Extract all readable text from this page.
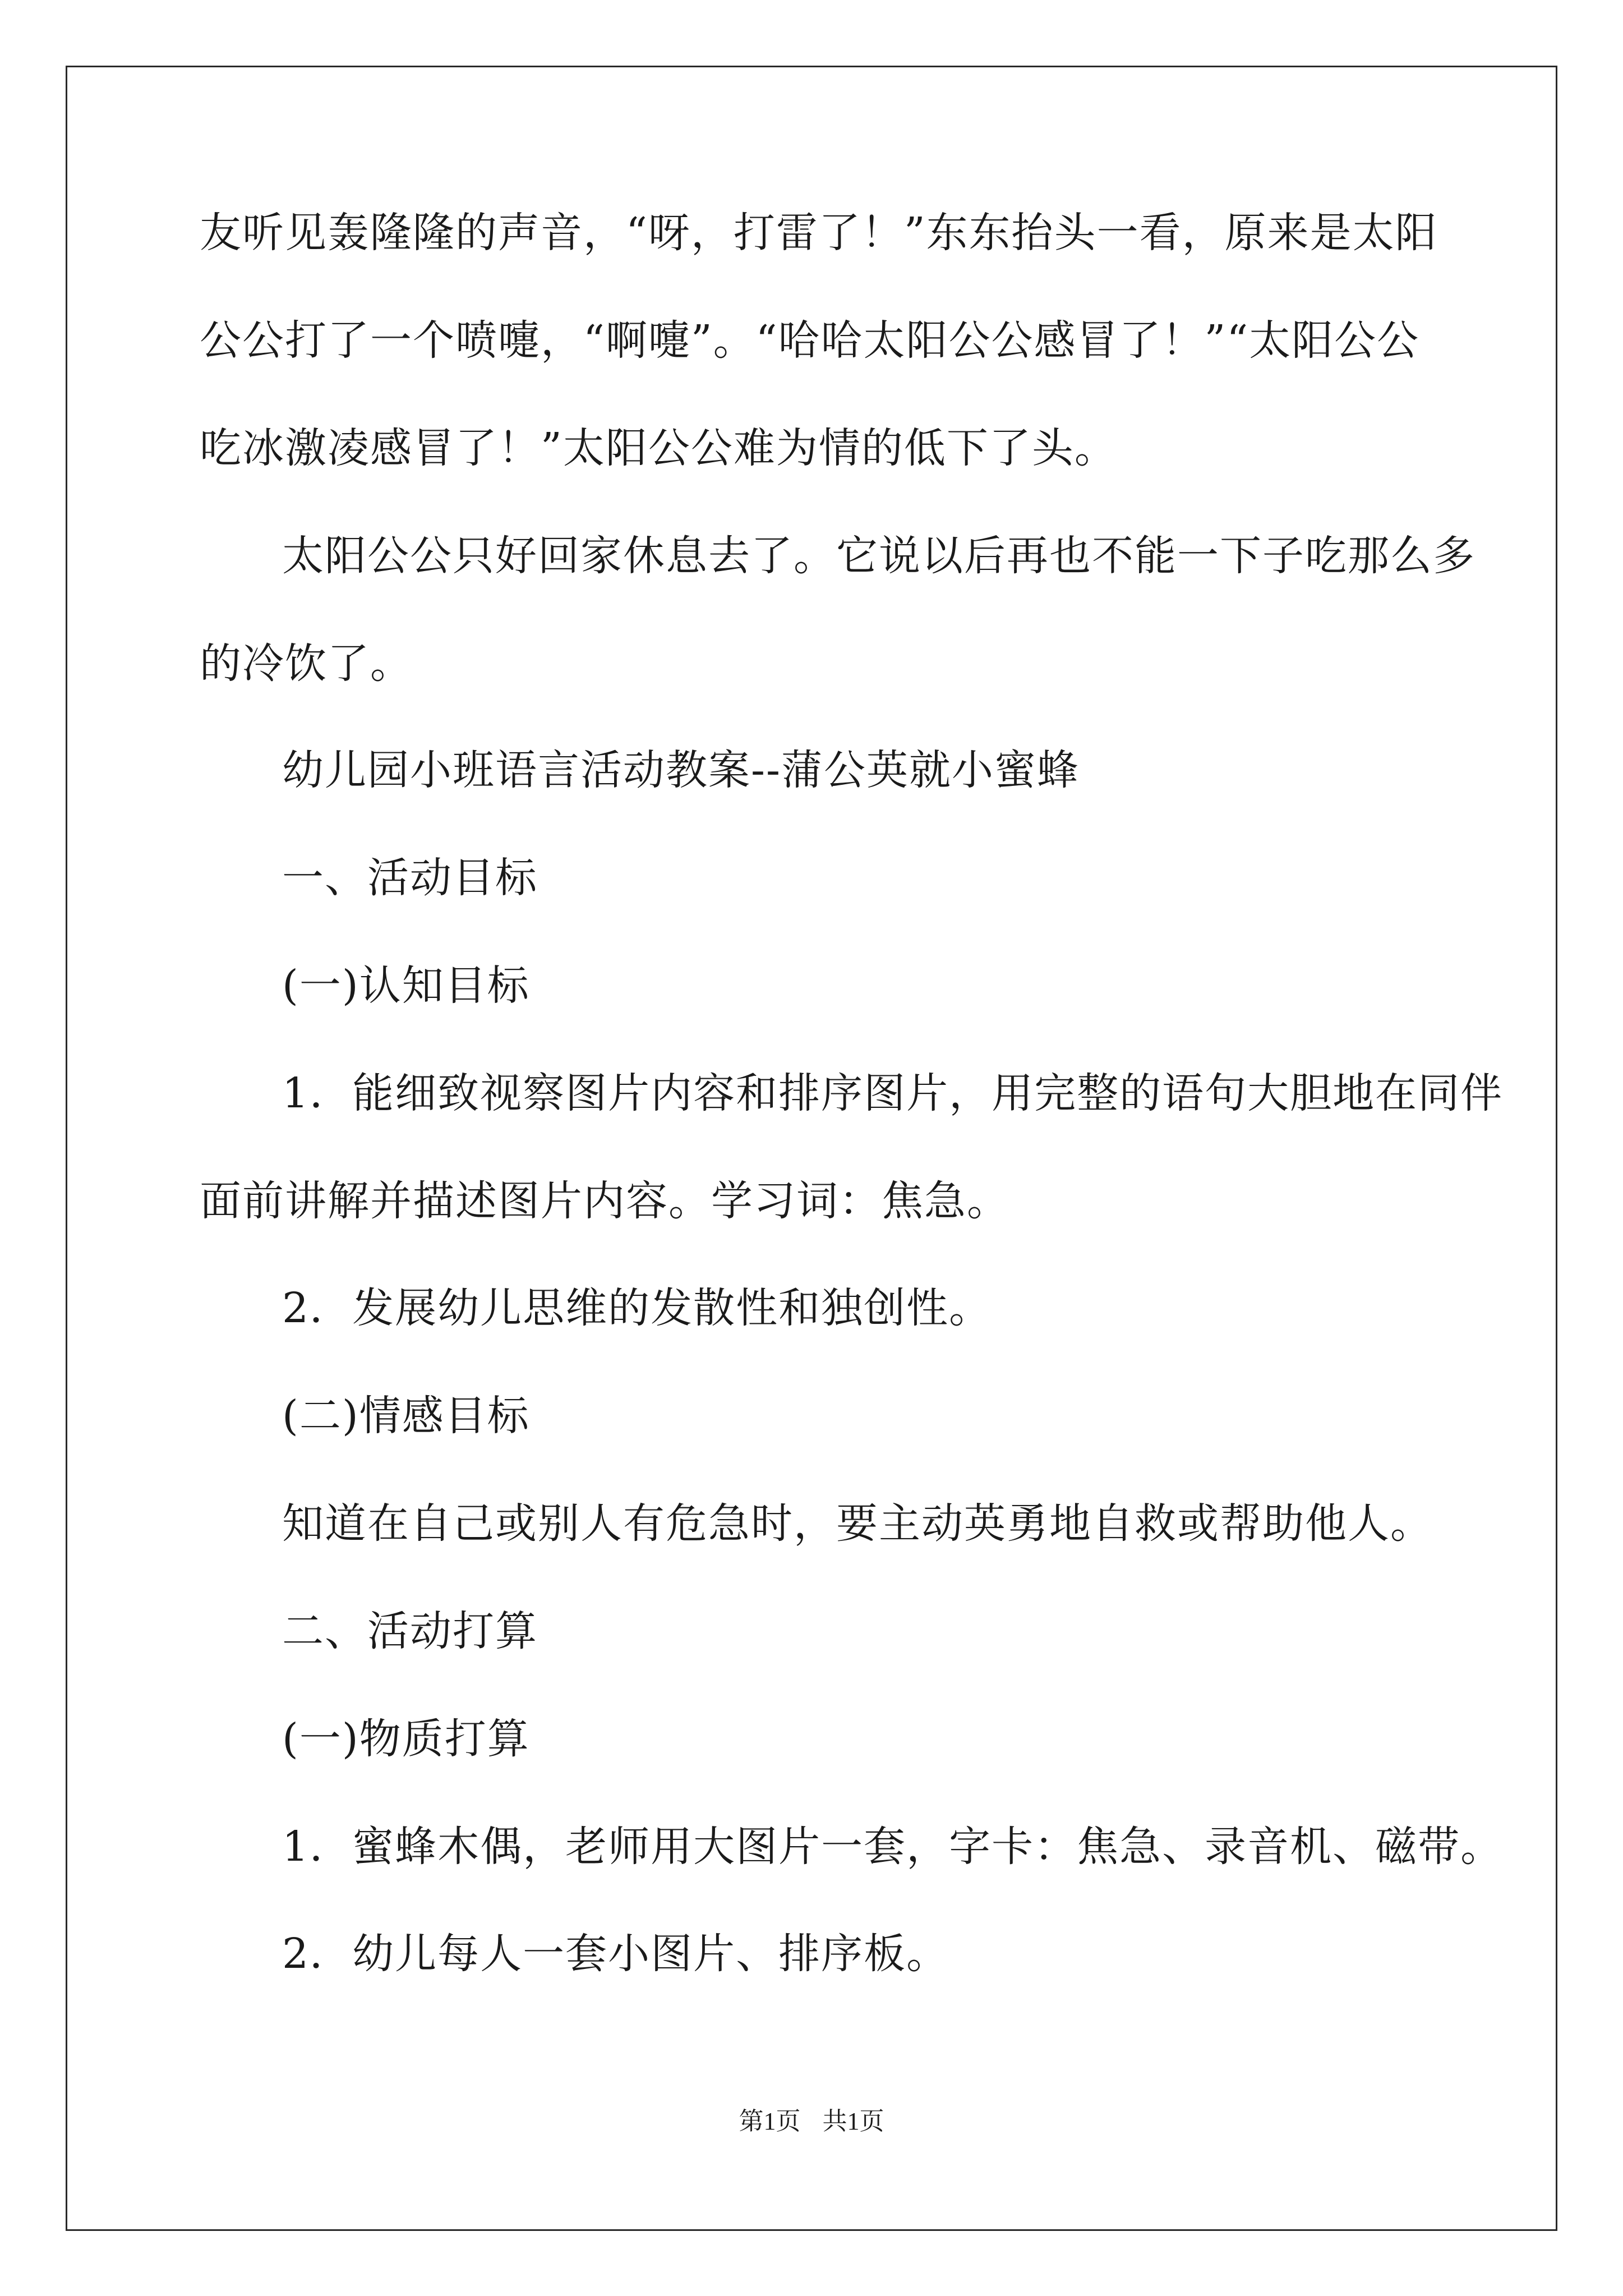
友听见轰隆隆的声音，“呀，打雷了！”东东抬头一看，原来是太阳
公公打了一个喷嚏，“啊嚏”。“哈哈太阳公公感冒了！”“太阳公公
吃冰激凌感冒了！”太阳公公难为情的低下了头。
太阳公公只好回家休息去了。它说以后再也不能一下子吃那么多
的冷饮了。
幼儿园小班语言活动教案--蒲公英就小蜜蜂
一、活动目标
(一)认知目标
1．能细致视察图片内容和排序图片，用完整的语句大胆地在同伴
面前讲解并描述图片内容。学习词：焦急。
2．发展幼儿思维的发散性和独创性。
(二)情感目标
知道在自己或别人有危急时，要主动英勇地自救或帮助他人。
二、活动打算
(一)物质打算
1．蜜蜂木偶，老师用大图片一套，字卡：焦急、录音机、磁带。
2．幼儿每人一套小图片、排序板。
第1页 共1页
